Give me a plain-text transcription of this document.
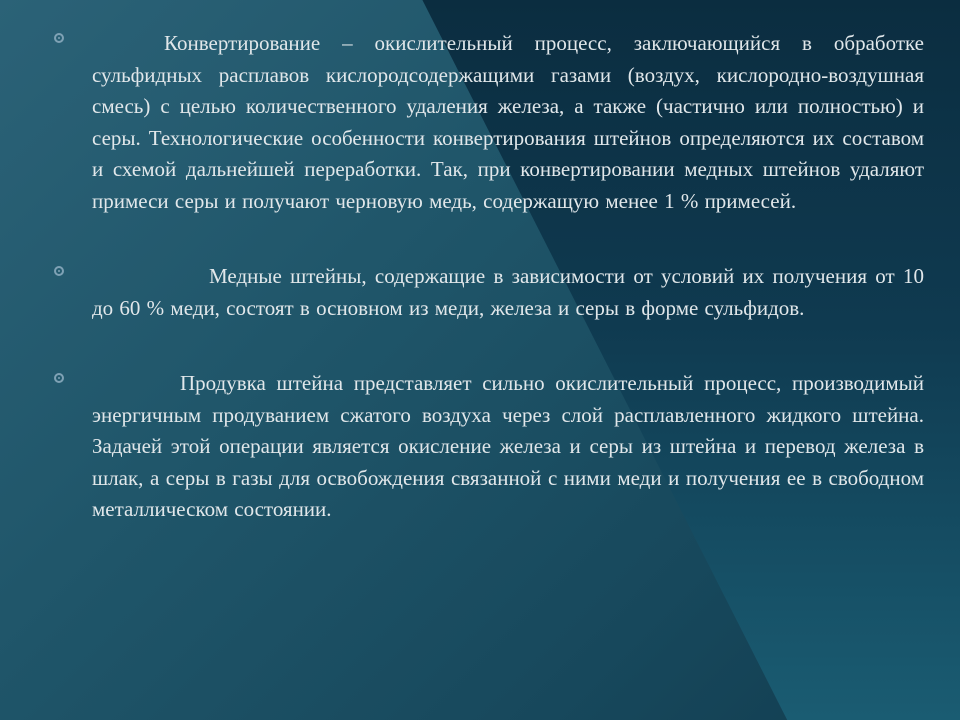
Конвертирование – окислительный процесс, заключающийся в обработке сульфидных расплавов кислородсодержащими газами (воздух, кислородно-воздушная смесь) с целью количественного удаления железа, а также (частично или полностью) и серы. Технологические особенности конвертирования штейнов определяются их составом и схемой дальнейшей переработки. Так, при конвертировании медных штейнов удаляют примеси серы и получают черновую медь, содержащую менее 1 % примесей.
Медные штейны, содержащие в зависимости от условий их получения от 10 до 60 % меди, состоят в основном из меди, железа и серы в форме сульфидов.
Продувка штейна представляет сильно окислительный процесс, производимый энергичным продуванием сжатого воздуха через слой расплавленного жидкого штейна. Задачей этой операции является окисление железа и серы из штейна и перевод железа в шлак, а серы в газы для освобождения связанной с ними меди и получения ее в свободном металлическом состоянии.
